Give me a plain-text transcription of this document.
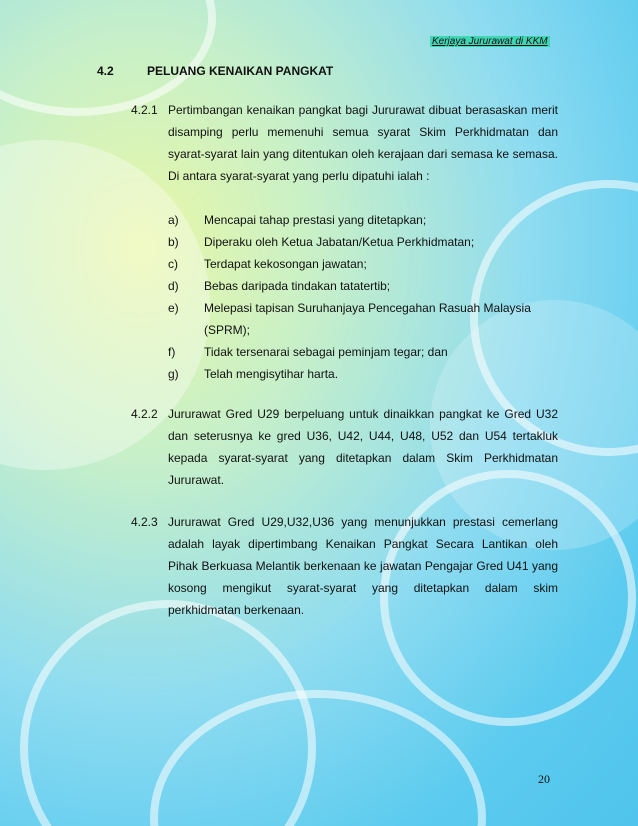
Kerjaya Jururawat di KKM
4.2	PELUANG KENAIKAN PANGKAT
4.2.1 Pertimbangan kenaikan pangkat bagi Jururawat dibuat berasaskan merit disamping perlu memenuhi semua syarat Skim Perkhidmatan dan syarat-syarat lain yang ditentukan oleh kerajaan dari semasa ke semasa. Di antara syarat-syarat yang perlu dipatuhi ialah :
a) Mencapai tahap prestasi yang ditetapkan;
b) Diperaku oleh Ketua Jabatan/Ketua Perkhidmatan;
c) Terdapat kekosongan jawatan;
d) Bebas daripada tindakan tatatertib;
e) Melepasi tapisan Suruhanjaya Pencegahan Rasuah Malaysia (SPRM);
f) Tidak tersenarai sebagai peminjam tegar; dan
g) Telah mengisytihar harta.
4.2.2 Jururawat Gred U29 berpeluang untuk dinaikkan pangkat ke Gred U32 dan seterusnya ke gred U36, U42, U44, U48, U52 dan U54 tertakluk kepada syarat-syarat yang ditetapkan dalam Skim Perkhidmatan Jururawat.
4.2.3 Jururawat Gred U29,U32,U36 yang menunjukkan prestasi cemerlang adalah layak dipertimbang Kenaikan Pangkat Secara Lantikan oleh Pihak Berkuasa Melantik berkenaan ke jawatan Pengajar Gred U41 yang kosong mengikut syarat-syarat yang ditetapkan dalam skim perkhidmatan berkenaan.
20
